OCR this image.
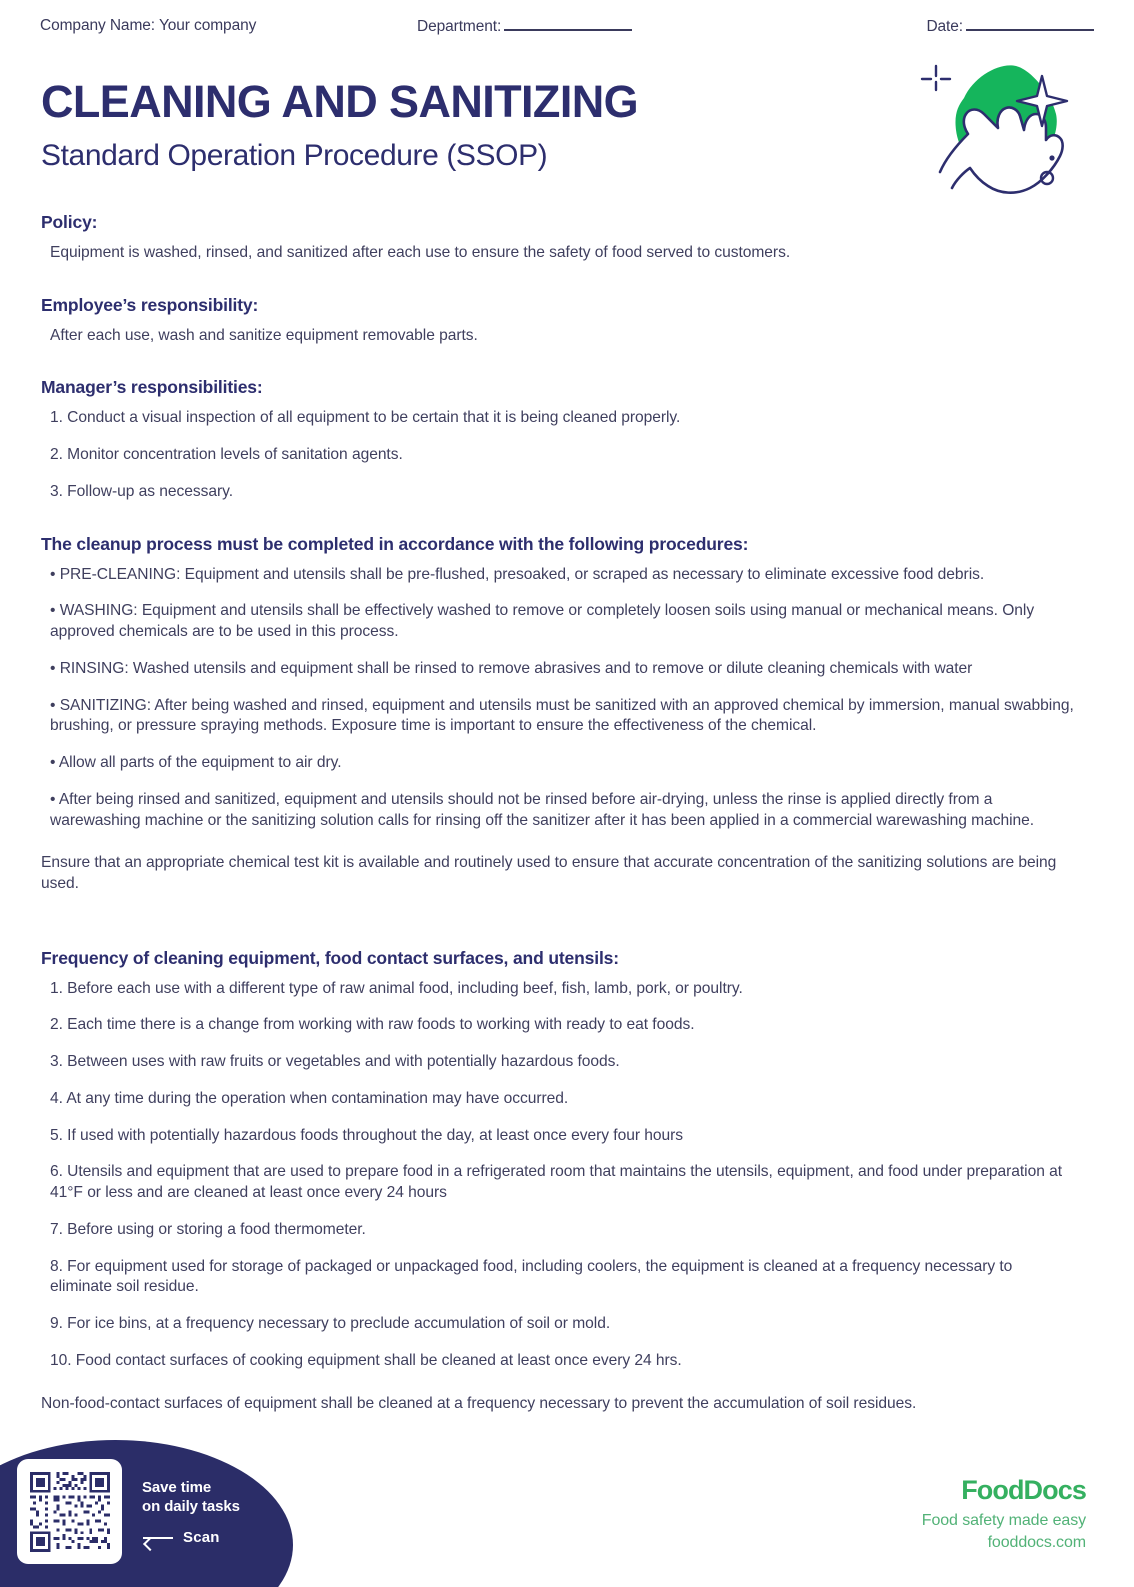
Company Name: Your company	Department:	Date:
CLEANING AND SANITIZING
Standard Operation Procedure (SSOP)
Policy:

Equipment is washed, rinsed, and sanitized after each use to ensure the safety of food served to customers.

Employee’s responsibility:

After each use, wash and sanitize equipment removable parts.

Manager’s responsibilities:
1. Conduct a visual inspection of all equipment to be certain that it is being cleaned properly.
2. Monitor concentration levels of sanitation agents.
3. Follow-up as necessary.
The cleanup process must be completed in accordance with the following procedures:
• PRE-CLEANING: Equipment and utensils shall be pre-flushed, presoaked, or scraped as necessary to eliminate excessive food debris.
• WASHING: Equipment and utensils shall be effectively washed to remove or completely loosen soils using manual or mechanical means. Only approved chemicals are to be used in this process.
• RINSING: Washed utensils and equipment shall be rinsed to remove abrasives and to remove or dilute cleaning chemicals with water
• SANITIZING: After being washed and rinsed, equipment and utensils must be sanitized with an approved chemical by immersion, manual swabbing, brushing, or pressure spraying methods. Exposure time is important to ensure the effectiveness of the chemical.
• Allow all parts of the equipment to air dry.
• After being rinsed and sanitized, equipment and utensils should not be rinsed before air-drying, unless the rinse is applied directly from a warewashing machine or the sanitizing solution calls for rinsing off the sanitizer after it has been applied in a commercial warewashing machine.

Ensure that an appropriate chemical test kit is available and routinely used to ensure that accurate concentration of the sanitizing solutions are being used.

Frequency of cleaning equipment, food contact surfaces, and utensils:
1. Before each use with a different type of raw animal food, including beef, fish, lamb, pork, or poultry.
2. Each time there is a change from working with raw foods to working with ready to eat foods.
3. Between uses with raw fruits or vegetables and with potentially hazardous foods.
4. At any time during the operation when contamination may have occurred.
5. If used with potentially hazardous foods throughout the day, at least once every four hours
6. Utensils and equipment that are used to prepare food in a refrigerated room that maintains the utensils, equipment, and food under preparation at 41°F or less and are cleaned at least once every 24 hours
7. Before using or storing a food thermometer.
8. For equipment used for storage of packaged or unpackaged food, including coolers, the equipment is cleaned at a frequency necessary to eliminate soil residue.
9. For ice bins, at a frequency necessary to preclude accumulation of soil or mold.
10. Food contact surfaces of cooking equipment shall be cleaned at least once every 24 hrs.

Non-food-contact surfaces of equipment shall be cleaned at a frequency necessary to prevent the accumulation of soil residues.

Save time
on daily tasks
Scan
FoodD o cs
Food safety made easy
fooddocs.com
